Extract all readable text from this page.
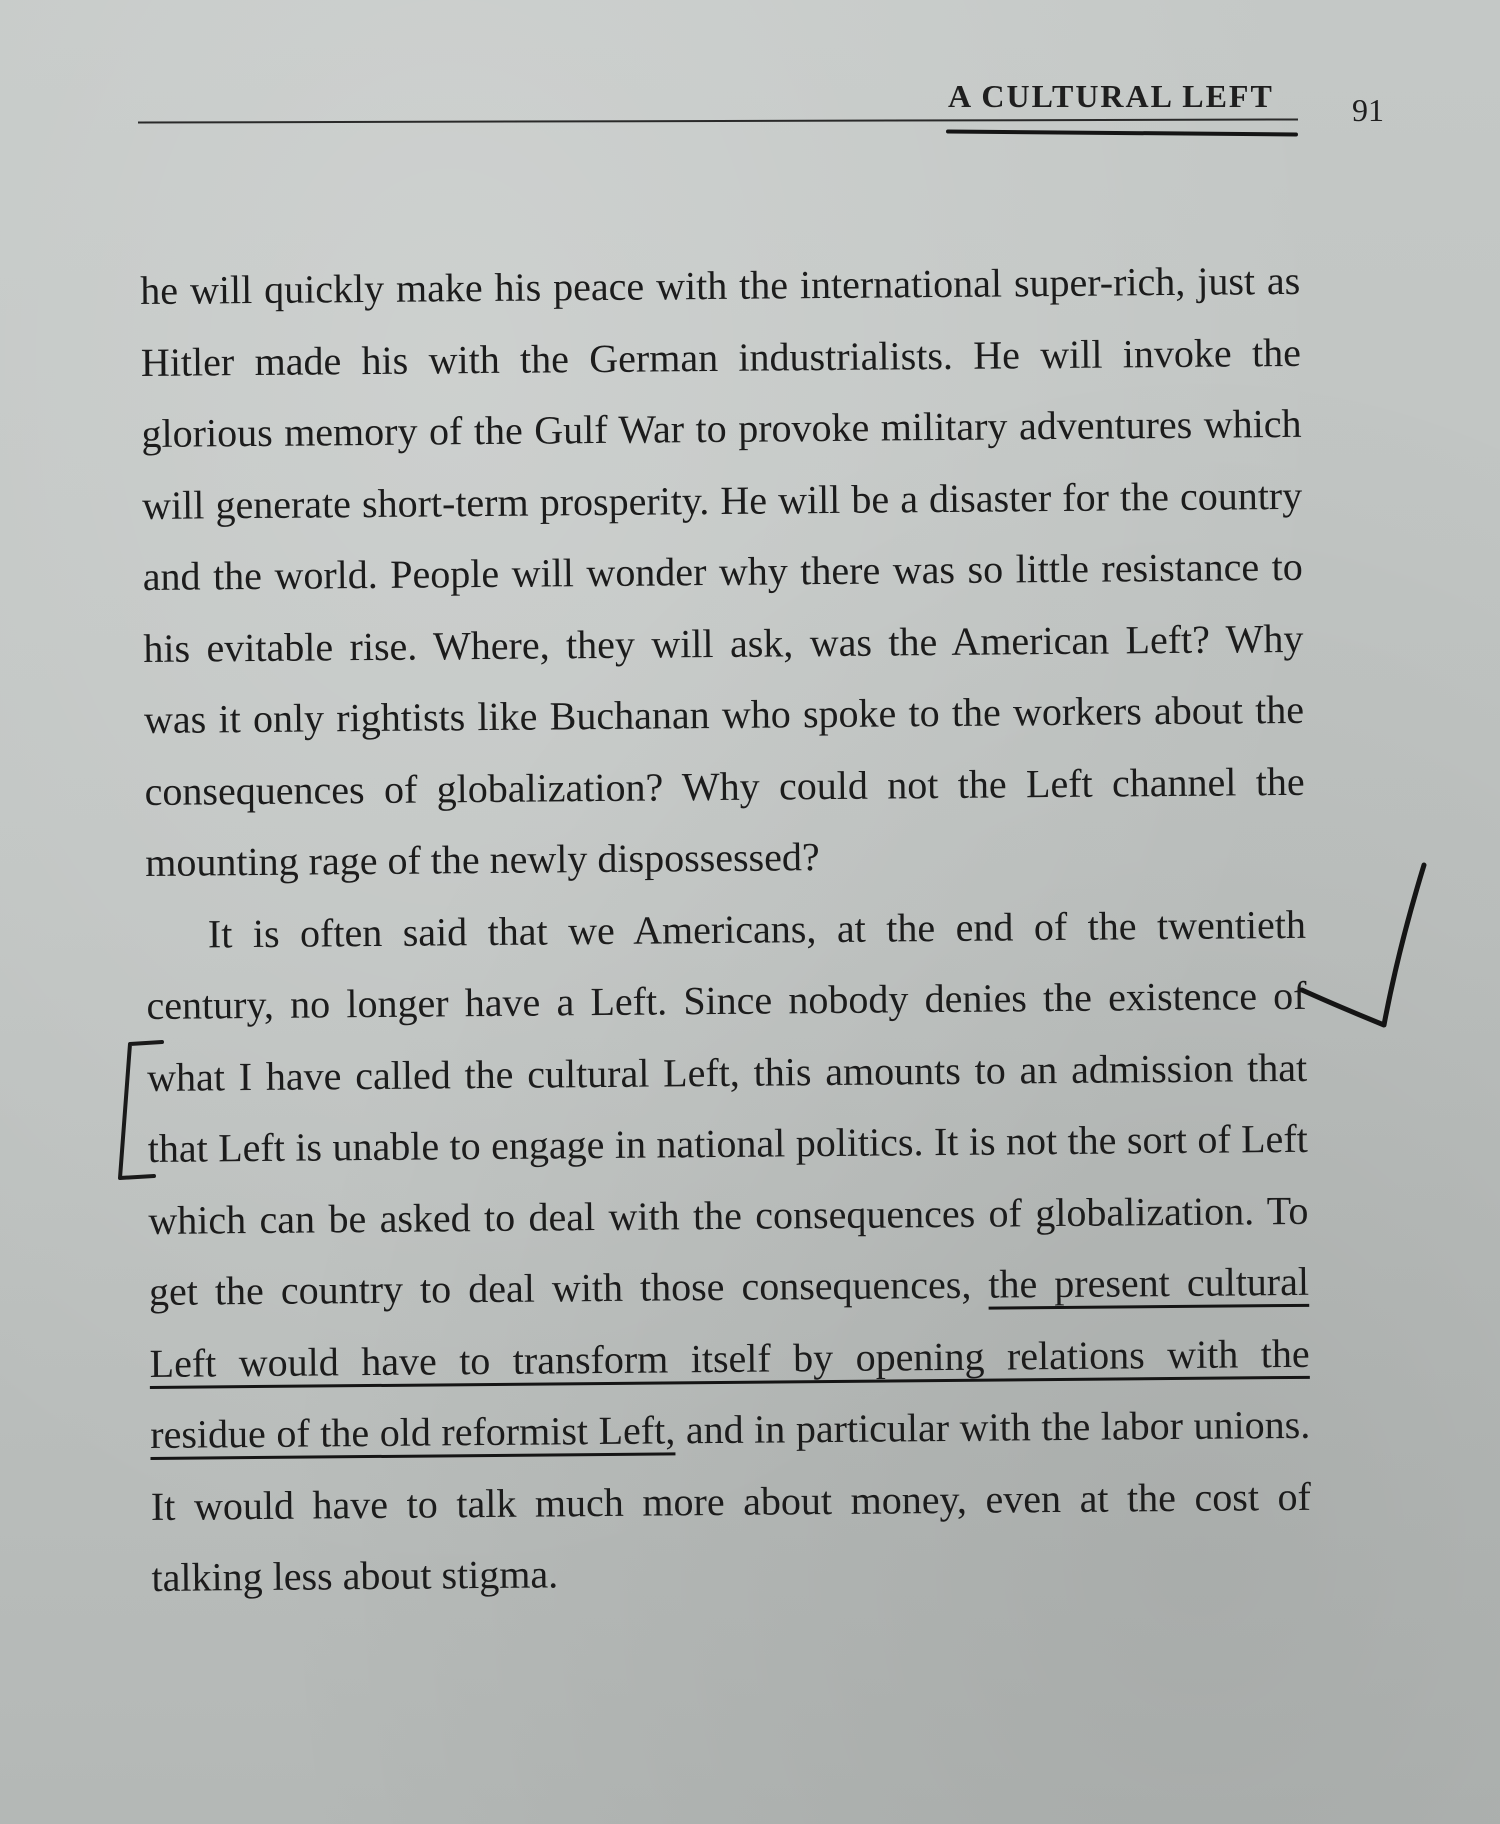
A CULTURAL LEFT 91

he will quickly make his peace with the international super-rich, just as Hitler made his with the German industrialists. He will invoke the glorious memory of the Gulf War to provoke military adventures which will generate short-term prosperity. He will be a disaster for the country and the world. People will wonder why there was so little resistance to his evitable rise. Where, they will ask, was the American Left? Why was it only rightists like Buchanan who spoke to the workers about the consequences of globalization? Why could not the Left channel the mounting rage of the newly dispossessed?

It is often said that we Americans, at the end of the twentieth century, no longer have a Left. Since nobody denies the existence of what I have called the cultural Left, this amounts to an admission that that Left is unable to engage in national politics. It is not the sort of Left which can be asked to deal with the consequences of globalization. To get the country to deal with those consequences, the present cultural Left would have to transform itself by opening relations with the residue of the old reformist Left, and in particular with the labor unions. It would have to talk much more about money, even at the cost of talking less about stigma.
